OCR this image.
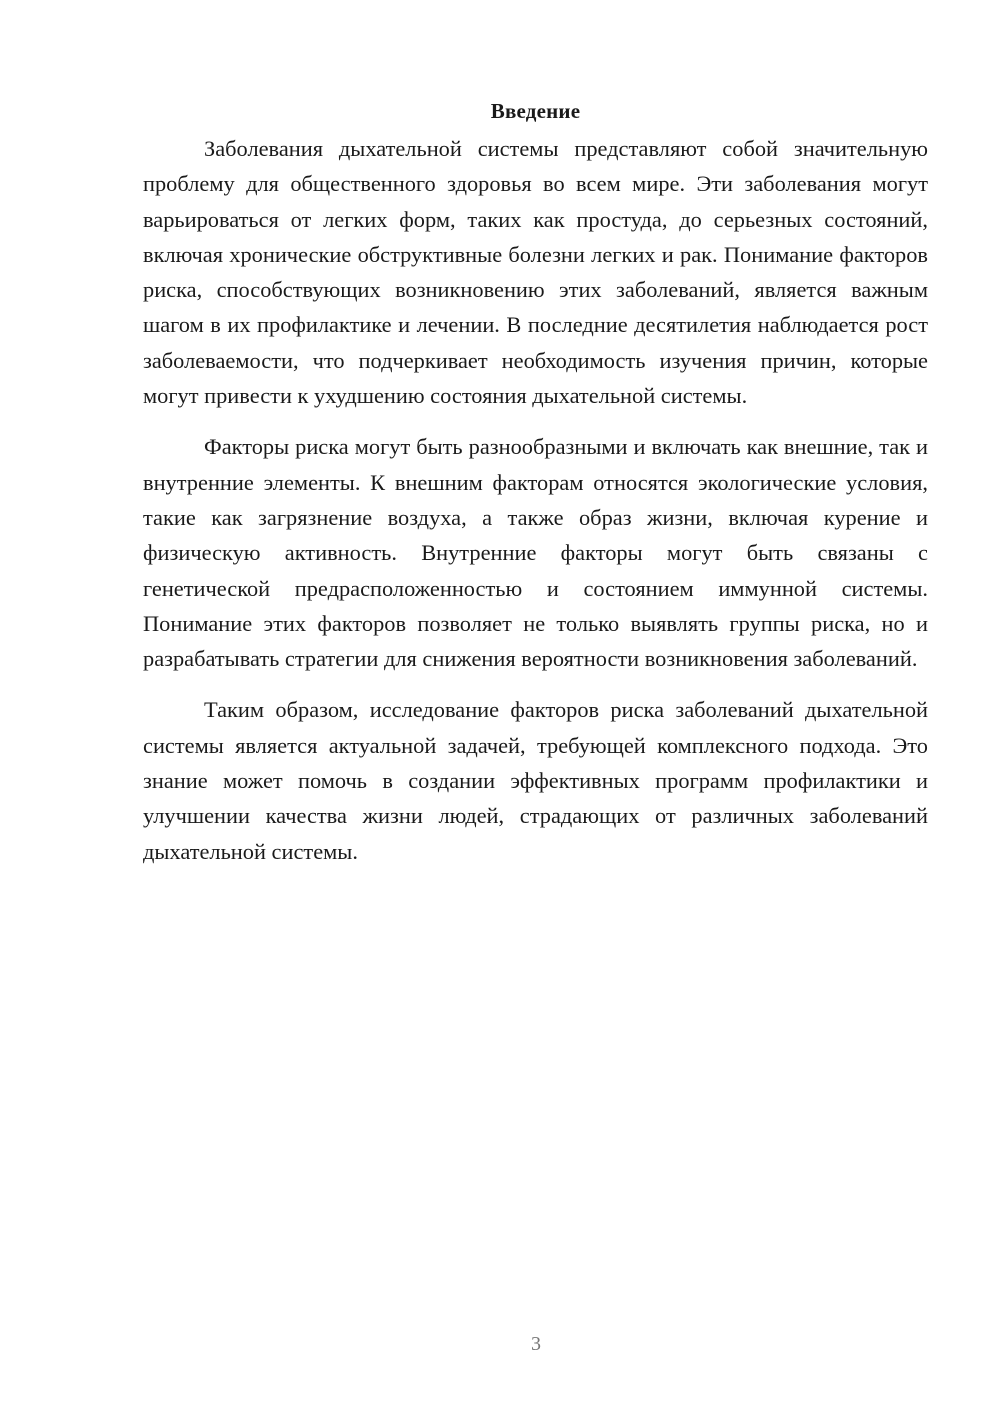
Введение

Заболевания дыхательной системы представляют собой значительную проблему для общественного здоровья во всем мире. Эти заболевания могут варьироваться от легких форм, таких как простуда, до серьезных состояний, включая хронические обструктивные болезни легких и рак. Понимание факторов риска, способствующих возникновению этих заболеваний, является важным шагом в их профилактике и лечении. В последние десятилетия наблюдается рост заболеваемости, что подчеркивает необходимость изучения причин, которые могут привести к ухудшению состояния дыхательной системы.

Факторы риска могут быть разнообразными и включать как внешние, так и внутренние элементы. К внешним факторам относятся экологические условия, такие как загрязнение воздуха, а также образ жизни, включая курение и физическую активность. Внутренние факторы могут быть связаны с генетической предрасположенностью и состоянием иммунной системы. Понимание этих факторов позволяет не только выявлять группы риска, но и разрабатывать стратегии для снижения вероятности возникновения заболеваний.

Таким образом, исследование факторов риска заболеваний дыхательной системы является актуальной задачей, требующей комплексного подхода. Это знание может помочь в создании эффективных программ профилактики и улучшении качества жизни людей, страдающих от различных заболеваний дыхательной системы.

3
